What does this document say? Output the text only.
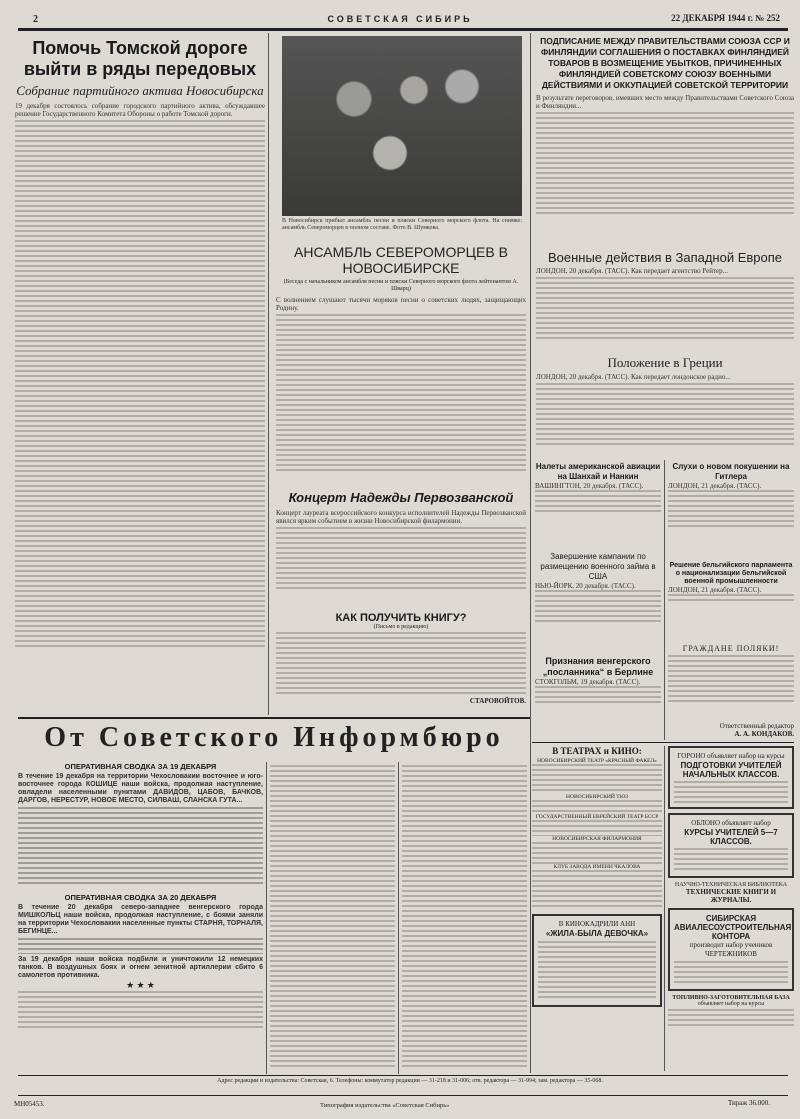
2	СОВЕТСКАЯ СИБИРЬ	22 ДЕКАБРЯ 1944 г. № 252
Помочь Томской дороге выйти в ряды передовых
Собрание партийного актива Новосибирска
19 декабря состоялось собрание городского партийного актива, обсуждавшее решение Государственного Комитета Обороны о работе Томской дороги.
В Новосибирск прибыл ансамбль песни и пляски Северного морского флота. На снимке: ансамбль Североморцев в полном составе. Фото В. Шумкова.
АНСАМБЛЬ СЕВЕРОМОРЦЕВ В НОВОСИБИРСКЕ
(Беседа с начальником ансамбля песни и пляски Северного морского флота лейтенантом А. Шварц)
С волнением слушают тысячи моряков песни о советских людях, защищающих Родину.
Концерт Надежды Первозванской
Концерт лауреата всероссийского конкурса исполнителей Надежды Первозванской явился ярким событием в жизни Новосибирской филармонии.
КАК ПОЛУЧИТЬ КНИГУ?
(Письмо в редакцию)
СТАРОВОЙТОВ.
ПОДПИСАНИЕ МЕЖДУ ПРАВИТЕЛЬСТВАМИ СОЮЗА ССР И ФИНЛЯНДИИ СОГЛАШЕНИЯ О ПОСТАВКАХ ФИНЛЯНДИЕЙ ТОВАРОВ В ВОЗМЕЩЕНИЕ УБЫТКОВ, ПРИЧИНЕННЫХ ФИНЛЯНДИЕЙ СОВЕТСКОМУ СОЮЗУ ВОЕННЫМИ ДЕЙСТВИЯМИ И ОККУПАЦИЕЙ СОВЕТСКОЙ ТЕРРИТОРИИ
В результате переговоров, имевших место между Правительствами Советского Союза и Финляндии...
Военные действия в Западной Европе
ЛОНДОН, 20 декабря. (ТАСС). Как передает агентство Рейтер...
Положение в Греции
ЛОНДОН, 20 декабря. (ТАСС). Как передает лондонское радио...
Налеты американской авиации на Шанхай и Нанкин
ВАШИНГТОН, 20 декабря. (ТАСС).
Завершение кампании по размещению военного займа в США
НЬЮ-ЙОРК, 20 декабря. (ТАСС).
Признания венгерского „посланника“ в Берлине
СТОКГОЛЬМ, 19 декабря. (ТАСС).
Слухи о новом покушении на Гитлера
ЛОНДОН, 21 декабря. (ТАСС).
Решение бельгийского парламента о национализации бельгийской военной промышленности
ЛОНДОН, 21 декабря. (ТАСС).
ГРАЖДАНЕ ПОЛЯКИ!
Ответственный редактор
А. А. КОНДАКОВ.
В ТЕАТРАХ и КИНО:
НОВОСИБИРСКИЙ ТЕАТР «КРАСНЫЙ ФАКЕЛ»
НОВОСИБИРСКИЙ ТЮЗ
ГОСУДАРСТВЕННЫЙ ЕВРЕЙСКИЙ ТЕАТР БССР
НОВОСИБИРСКАЯ ФИЛАРМОНИЯ
КЛУБ ЗАВОДА ИМЕНИ ЧКАЛОВА
В КИНОКАДРИЛИ АНН
«ЖИЛА-БЫЛА ДЕВОЧКА»
ГОРОНО объявляет набор на курсы
ПОДГОТОВКИ УЧИТЕЛЕЙ НАЧАЛЬНЫХ КЛАССОВ.
ОБЛОНО объявляет набор
КУРСЫ УЧИТЕЛЕЙ 5—7 КЛАССОВ.
НАУЧНО-ТЕХНИЧЕСКАЯ БИБЛИОТЕКА
ТЕХНИЧЕСКИЕ КНИГИ И ЖУРНАЛЫ.
СИБИРСКАЯ АВИАЛЕСОУСТРОИТЕЛЬНАЯ КОНТОРА
производит набор учеников ЧЕРТЕЖНИКОВ
ТОПЛИВНО-ЗАГОТОВИТЕЛЬНАЯ БАЗА
объявляет набор на курсы
От Советского Информбюро
ОПЕРАТИВНАЯ СВОДКА ЗА 19 ДЕКАБРЯ
В течение 19 декабря на территории Чехословакии восточнее и юго-восточнее города КОШИЦЕ наши войска, продолжая наступление, овладели населенными пунктами ДАВИДОВ, ЦАБОВ, БАЧКОВ, ДАРГОВ, НЕРЕСТУР, НОВОЕ МЕСТО, СИЛВАШ, СЛАНСКА ГУТА...
ОПЕРАТИВНАЯ СВОДКА ЗА 20 ДЕКАБРЯ
В течение 20 декабря северо-западнее венгерского города МИШКОЛЬЦ наши войска, продолжая наступление, с боями заняли на территории Чехословакии населенные пункты СТАРНЯ, ТОРНАЛЯ, БЕГИНЦЕ...
За 19 декабря наши войска подбили и уничтожили 12 немецких танков. В воздушных боях и огнем зенитной артиллерии сбито 6 самолетов противника.
★ ★ ★
Адрес редакции и издательства: Советская, 6. Телефоны: коммутатор редакции — 31-218 и 31-006; отв. редактора — 31-994; зам. редактора — 35-068.
МН05453.	Типография издательства «Советская Сибирь»	Тираж 36.000.
